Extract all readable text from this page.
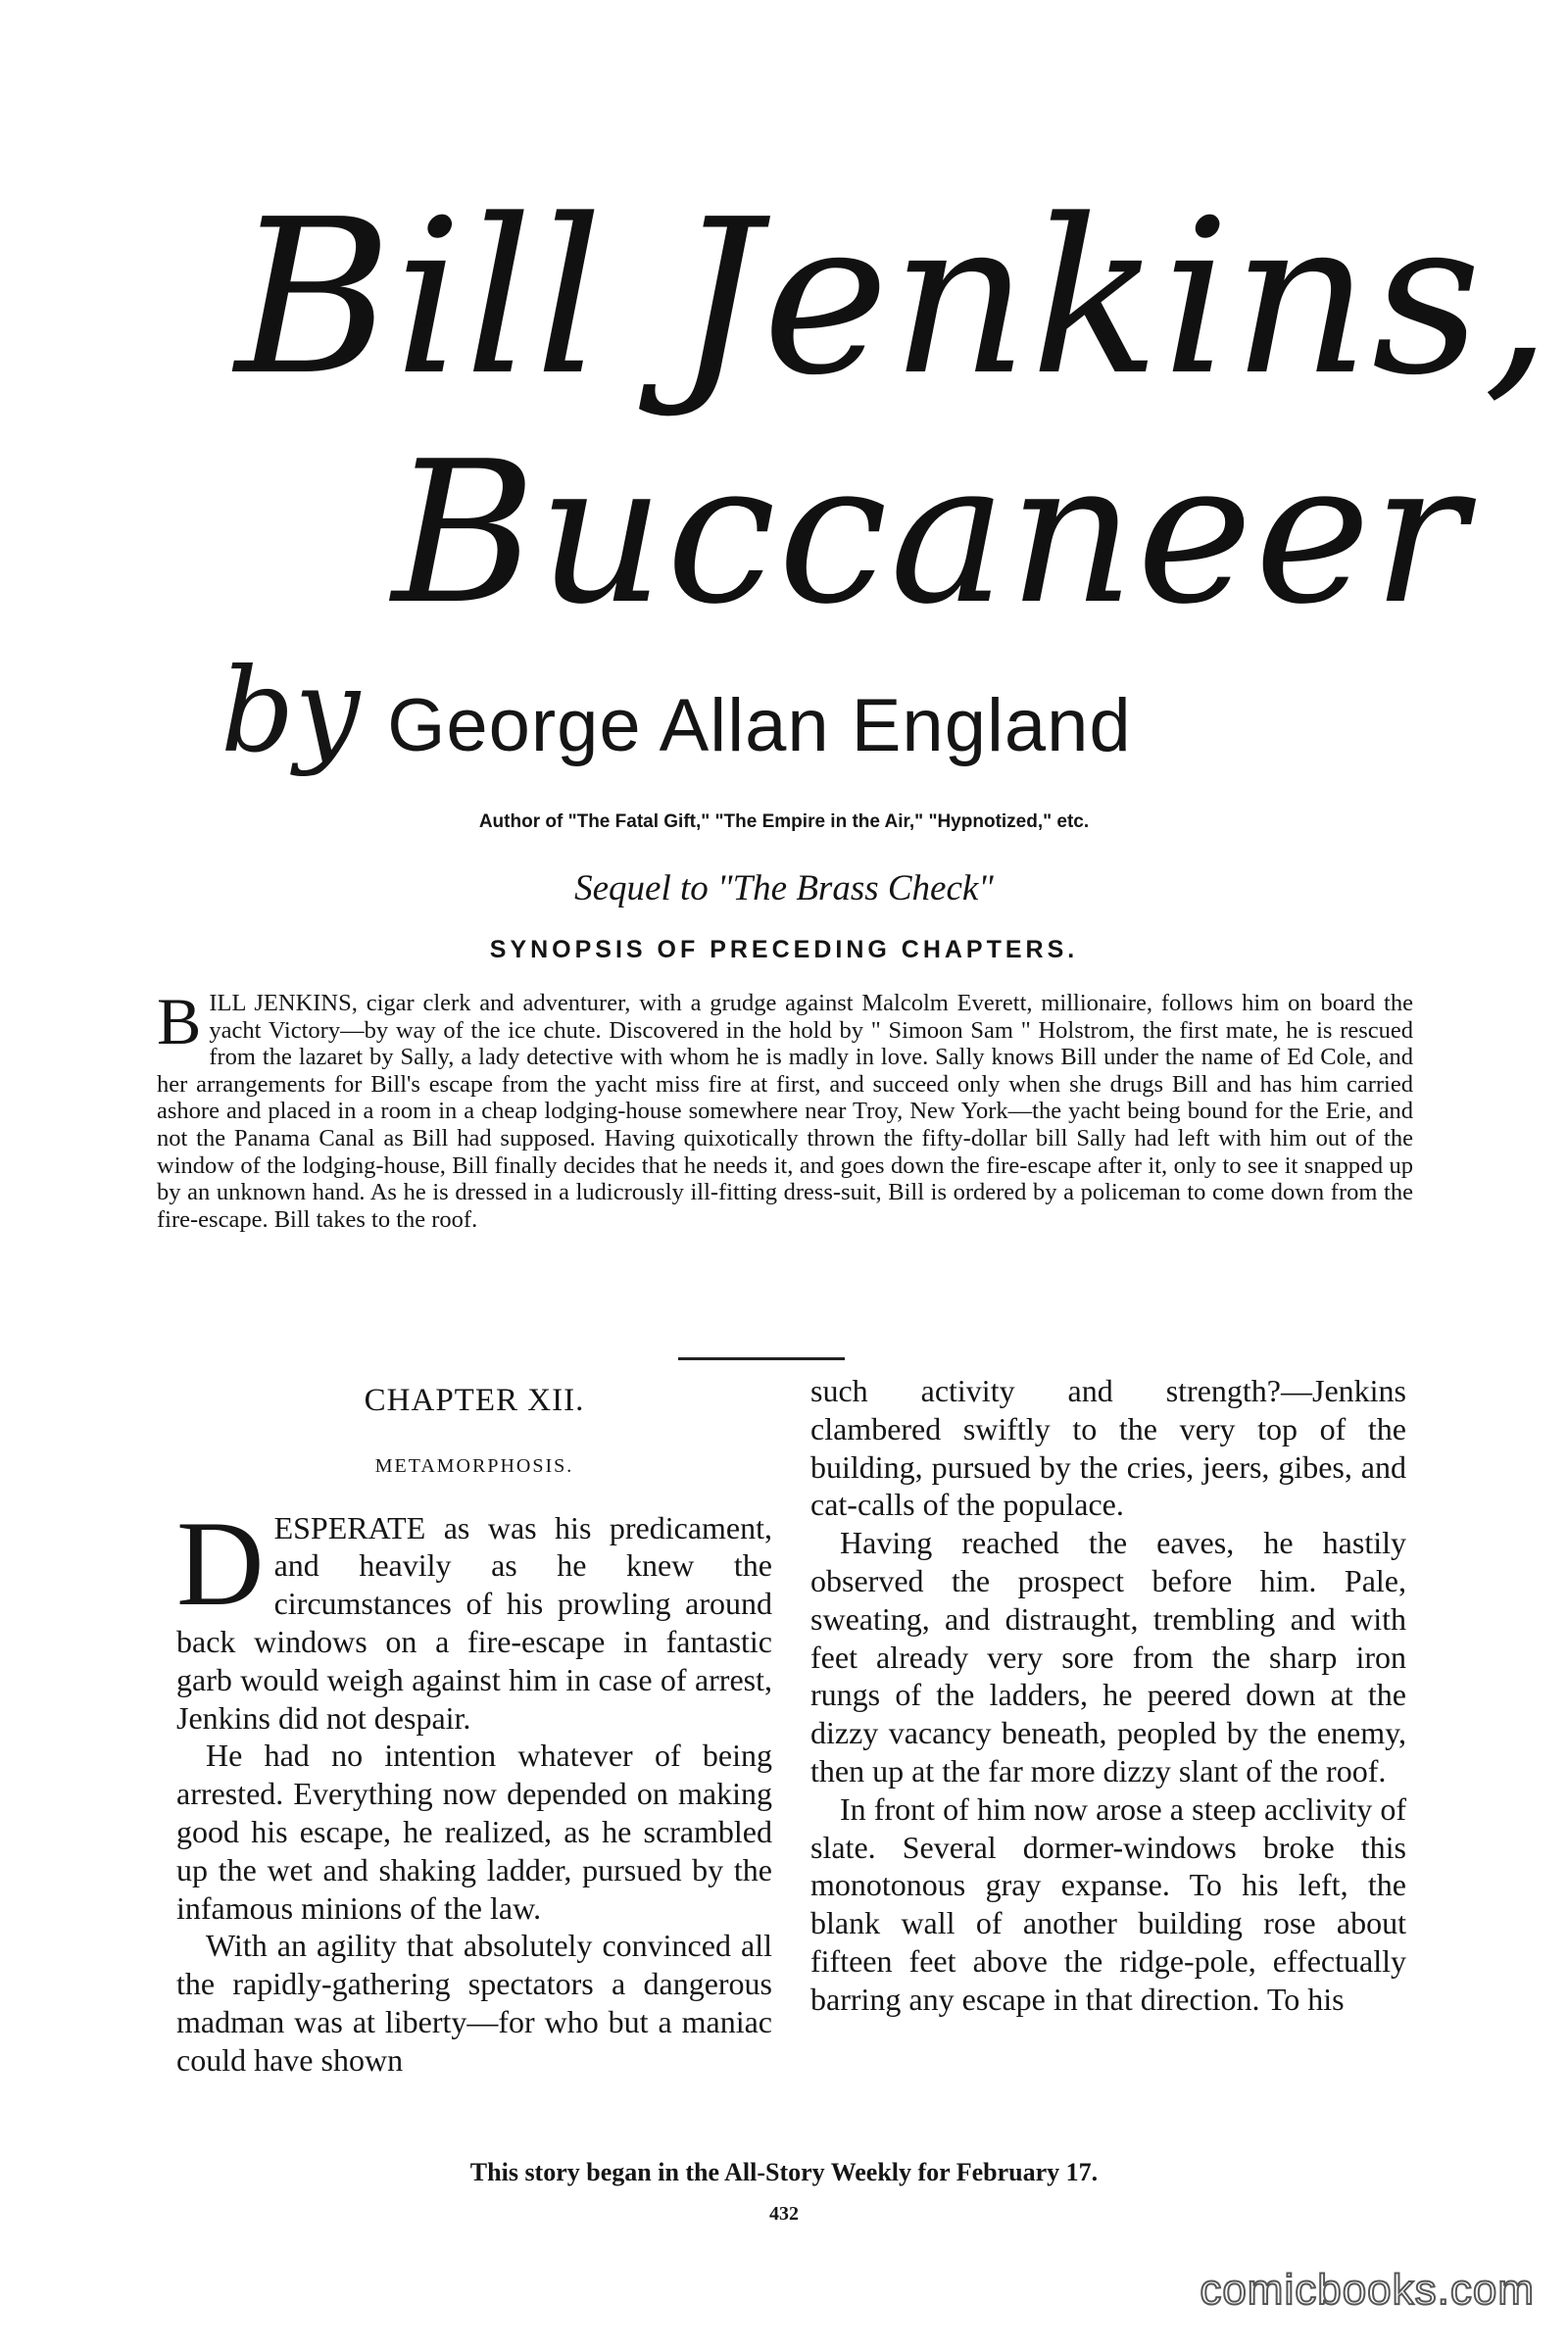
Bill Jenkins,
Buccaneer
by George Allan England
Author of "The Fatal Gift," "The Empire in the Air," "Hypnotized," etc.
Sequel to "The Brass Check"
SYNOPSIS OF PRECEDING CHAPTERS.

BILL JENKINS, cigar clerk and adventurer, with a grudge against Malcolm Everett, millionaire, follows him on board the yacht Victory—by way of the ice chute. Discovered in the hold by " Simoon Sam " Holstrom, the first mate, he is rescued from the lazaret by Sally, a lady detective with whom he is madly in love. Sally knows Bill under the name of Ed Cole, and her arrangements for Bill's escape from the yacht miss fire at first, and succeed only when she drugs Bill and has him carried ashore and placed in a room in a cheap lodging-house somewhere near Troy, New York—the yacht being bound for the Erie, and not the Panama Canal as Bill had supposed. Having quixotically thrown the fifty-dollar bill Sally had left with him out of the window of the lodging-house, Bill finally decides that he needs it, and goes down the fire-escape after it, only to see it snapped up by an unknown hand. As he is dressed in a ludicrously ill-fitting dress-suit, Bill is ordered by a policeman to come down from the fire-escape. Bill takes to the roof.

CHAPTER XII.
METAMORPHOSIS.

DESPERATE as was his predicament, and heavily as he knew the circumstances of his prowling around back windows on a fire-escape in fantastic garb would weigh against him in case of arrest, Jenkins did not despair.

He had no intention whatever of being arrested. Everything now depended on making good his escape, he realized, as he scrambled up the wet and shaking ladder, pursued by the infamous minions of the law.

With an agility that absolutely convinced all the rapidly-gathering spectators a dangerous madman was at liberty—for who but a maniac could have shown

such activity and strength?—Jenkins clambered swiftly to the very top of the building, pursued by the cries, jeers, gibes, and cat-calls of the populace.

Having reached the eaves, he hastily observed the prospect before him. Pale, sweating, and distraught, trembling and with feet already very sore from the sharp iron rungs of the ladders, he peered down at the dizzy vacancy beneath, peopled by the enemy, then up at the far more dizzy slant of the roof.

In front of him now arose a steep acclivity of slate. Several dormer-windows broke this monotonous gray expanse. To his left, the blank wall of another building rose about fifteen feet above the ridge-pole, effectually barring any escape in that direction. To his

This story began in the All-Story Weekly for February 17.
432
comicbooks.com
